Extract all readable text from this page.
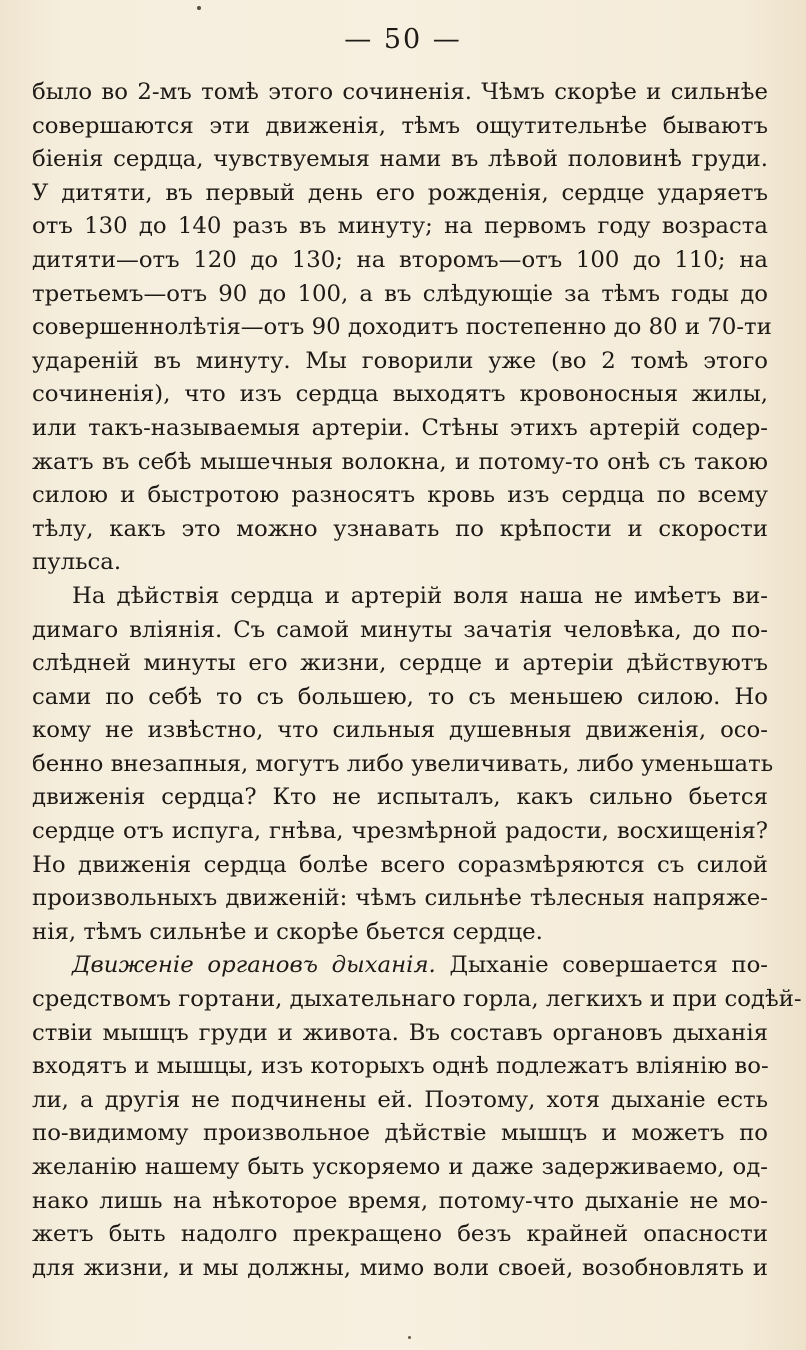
— 50 —
было во 2-мъ томѣ этого сочиненія. Чѣмъ скорѣе и сильнѣе
совершаются эти движенія, тѣмъ ощутительнѣе бываютъ
біенія сердца, чувствуемыя нами въ лѣвой половинѣ груди.
У дитяти, въ первый день его рожденія, сердце ударяетъ
отъ 130 до 140 разъ въ минуту; на первомъ году возраста
дитяти—отъ 120 до 130; на второмъ—отъ 100 до 110; на
третьемъ—отъ 90 до 100, а въ слѣдующіе за тѣмъ годы до
совершеннолѣтія—отъ 90 доходитъ постепенно до 80 и 70-ти
удареній въ минуту. Мы говорили уже (во 2 томѣ этого
сочиненія), что изъ сердца выходятъ кровоносныя жилы,
или такъ-называемыя артеріи. Стѣны этихъ артерій содер-
жатъ въ себѣ мышечныя волокна, и потому-то онѣ съ такою
силою и быстротою разносятъ кровь изъ сердца по всему
тѣлу, какъ это можно узнавать по крѣпости и скорости
пульса.
На дѣйствія сердца и артерій воля наша не имѣетъ ви-
димаго вліянія. Съ самой минуты зачатія человѣка, до по-
слѣдней минуты его жизни, сердце и артеріи дѣйствуютъ
сами по себѣ то съ большею, то съ меньшею силою. Но
кому не извѣстно, что сильныя душевныя движенія, осо-
бенно внезапныя, могутъ либо увеличивать, либо уменьшать
движенія сердца? Кто не испыталъ, какъ сильно бьется
сердце отъ испуга, гнѣва, чрезмѣрной радости, восхищенія?
Но движенія сердца болѣе всего соразмѣряются съ силой
произвольныхъ движеній: чѣмъ сильнѣе тѣлесныя напряже-
нія, тѣмъ сильнѣе и скорѣе бьется сердце.
Движеніе органовъ дыханія. Дыханіе совершается по-
средствомъ гортани, дыхательнаго горла, легкихъ и при содѣй-
ствіи мышцъ груди и живота. Въ составъ органовъ дыханія
входятъ и мышцы, изъ которыхъ однѣ подлежатъ вліянію во-
ли, а другія не подчинены ей. Поэтому, хотя дыханіе есть
по-видимому произвольное дѣйствіе мышцъ и можетъ по
желанію нашему быть ускоряемо и даже задерживаемо, од-
нако лишь на нѣкоторое время, потому-что дыханіе не мо-
жетъ быть надолго прекращено безъ крайней опасности
для жизни, и мы должны, мимо воли своей, возобновлять и
